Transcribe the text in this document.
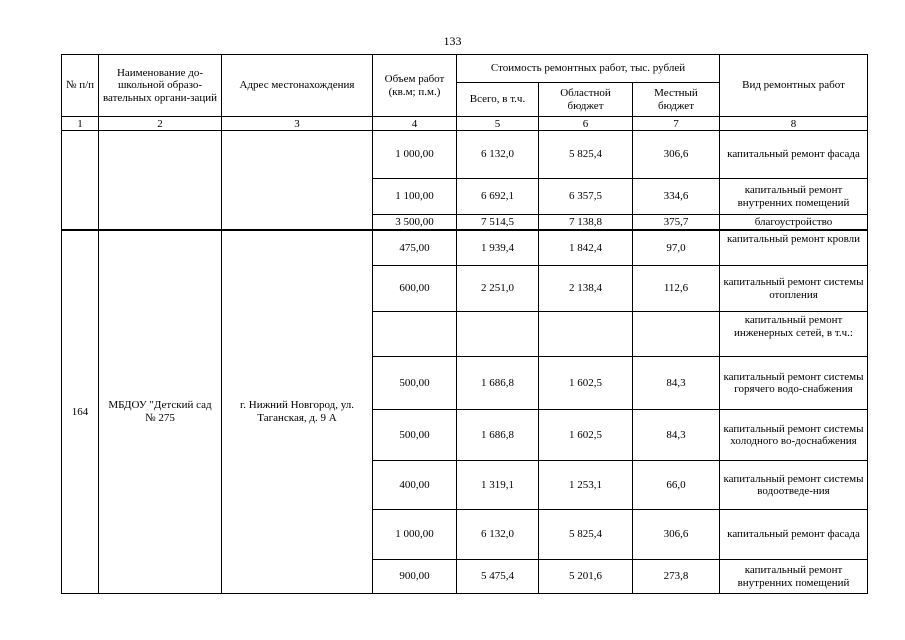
133
№ п/п	Наименование до-школьной образо-вательных органи-заций	Адрес местонахождения	Объем работ (кв.м; п.м.)	Стоимость ремонтных работ, тыс. рублей			Вид ремонтных работ
				Всего, в т.ч.	Областной бюджет	Местный бюджет	
1	2	3	4	5	6	7	8
			1 000,00	6 132,0	5 825,4	306,6	капитальный ремонт фасада
			1 100,00	6 692,1	6 357,5	334,6	капитальный ремонт внутренних помещений
			3 500,00	7 514,5	7 138,8	375,7	благоустройство
164	МБДОУ "Детский сад № 275	г. Нижний Новгород, ул. Таганская, д. 9 А	475,00	1 939,4	1 842,4	97,0	капитальный ремонт кровли
			600,00	2 251,0	2 138,4	112,6	капитальный ремонт системы отопления
							капитальный ремонт инженерных сетей, в т.ч.:
			500,00	1 686,8	1 602,5	84,3	капитальный ремонт системы горячего водо-снабжения
			500,00	1 686,8	1 602,5	84,3	капитальный ремонт системы холодного во-доснабжения
			400,00	1 319,1	1 253,1	66,0	капитальный ремонт системы водоотведе-ния
			1 000,00	6 132,0	5 825,4	306,6	капитальный ремонт фасада
			900,00	5 475,4	5 201,6	273,8	капитальный ремонт внутренних помещений
